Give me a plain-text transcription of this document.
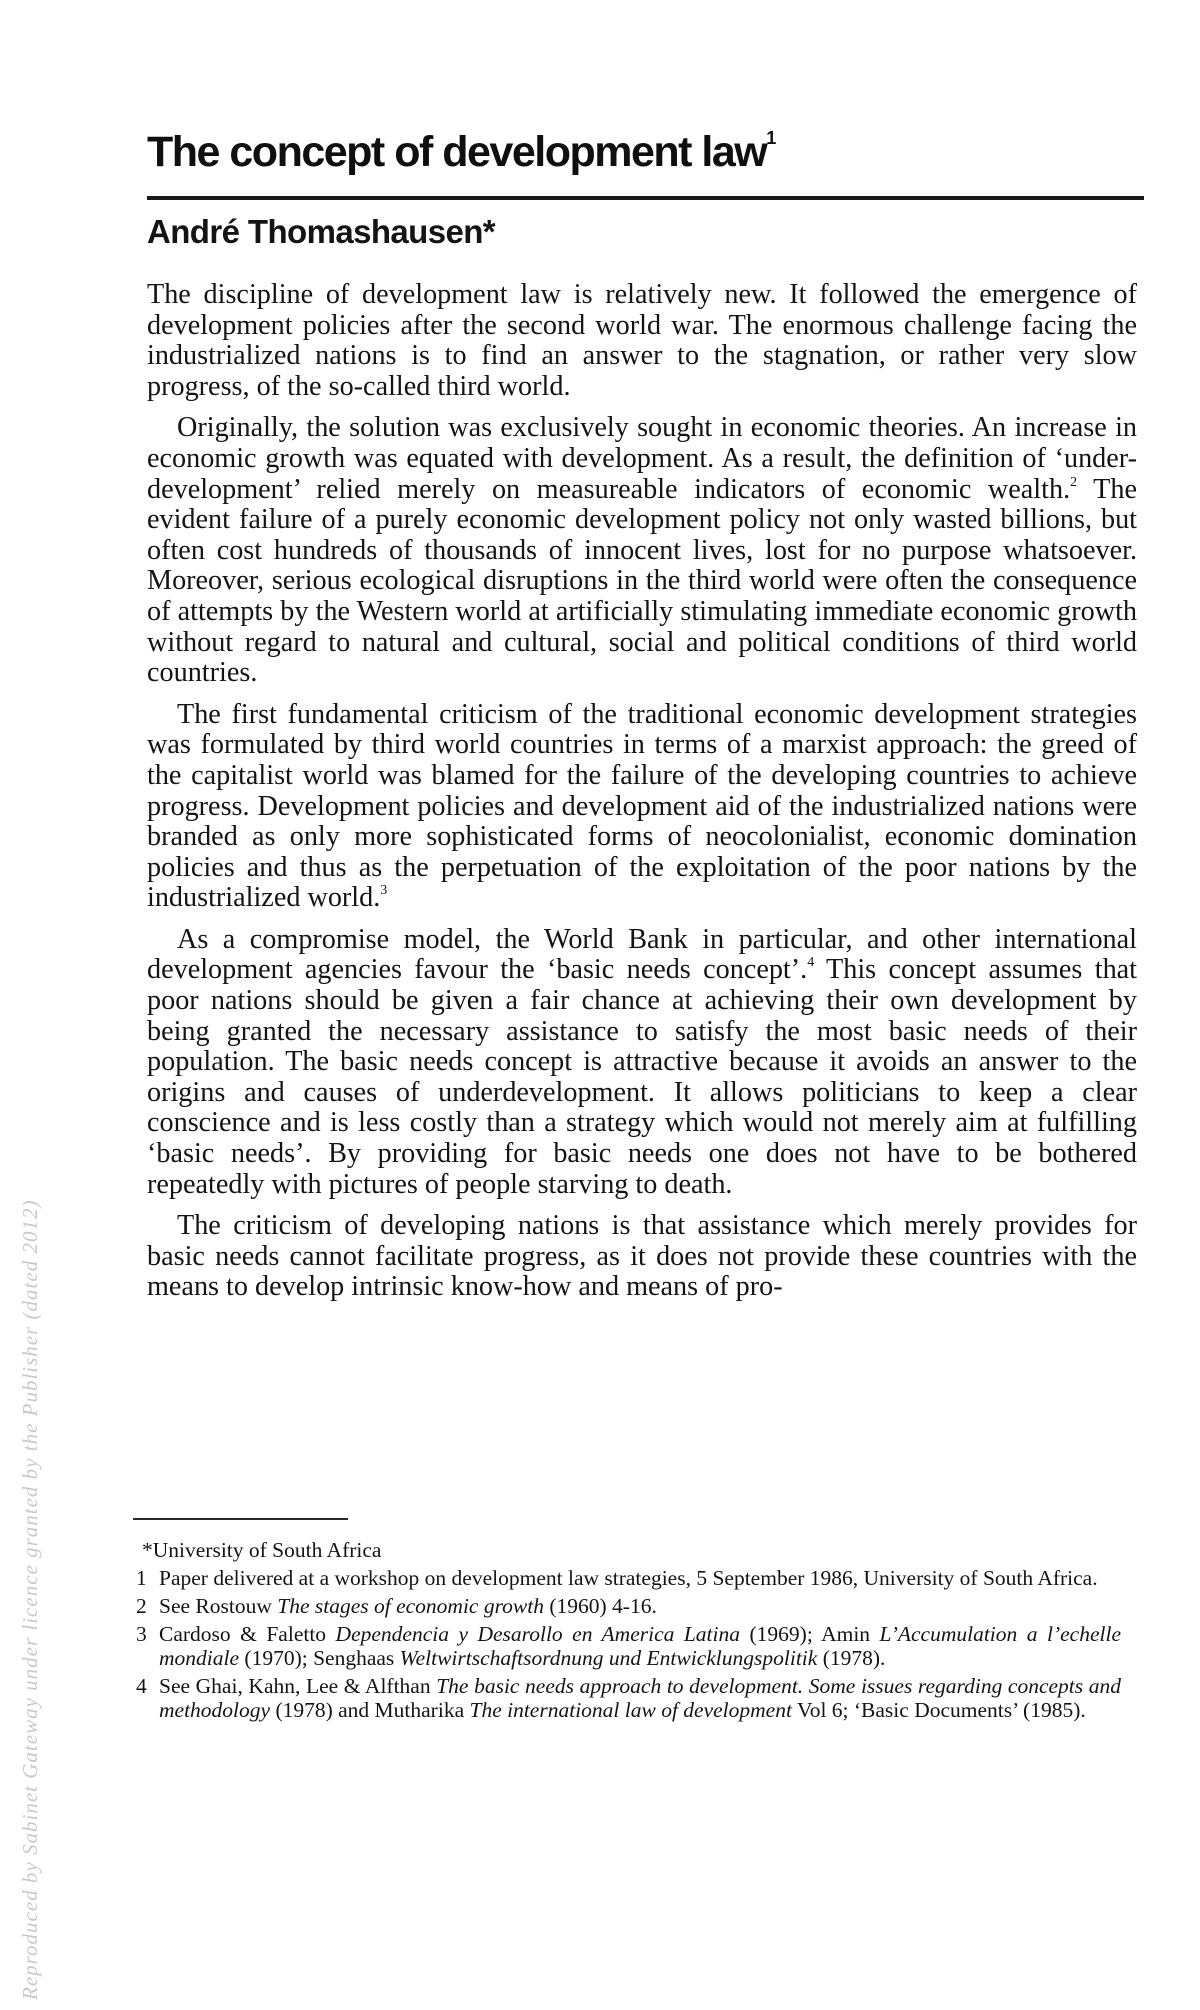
The concept of development law$^1$
André Thomashausen*

The discipline of development law is relatively new. It followed the emergence of development policies after the second world war. The enormous challenge facing the industrialized nations is to find an answer to the stagnation, or rather very slow progress, of the so-called third world.

Originally, the solution was exclusively sought in economic theories. An increase in economic growth was equated with development. As a result, the definition of ‘under-development’ relied merely on measureable indicators of economic wealth.$^2$ The evident failure of a purely economic development policy not only wasted billions, but often cost hundreds of thousands of innocent lives, lost for no purpose whatsoever. Moreover, serious ecological disruptions in the third world were often the consequence of attempts by the Western world at artificially stimulating immediate economic growth without regard to natural and cultural, social and political conditions of third world countries.

The first fundamental criticism of the traditional economic development strategies was formulated by third world countries in terms of a marxist approach: the greed of the capitalist world was blamed for the failure of the developing countries to achieve progress. Development policies and development aid of the industrialized nations were branded as only more sophisticated forms of neocolonialist, economic domination policies and thus as the perpetuation of the exploitation of the poor nations by the industrialized world.$^3$

As a compromise model, the World Bank in particular, and other international development agencies favour the ‘basic needs concept’.$^4$ This concept assumes that poor nations should be given a fair chance at achieving their own development by being granted the necessary assistance to satisfy the most basic needs of their population. The basic needs concept is attractive because it avoids an answer to the origins and causes of underdevelopment. It allows politicians to keep a clear conscience and is less costly than a strategy which would not merely aim at fulfilling ‘basic needs’. By providing for basic needs one does not have to be bothered repeatedly with pictures of people starving to death.

The criticism of developing nations is that assistance which merely provides for basic needs cannot facilitate progress, as it does not provide these countries with the means to develop intrinsic know-how and means of pro-

*University of South Africa
1 Paper delivered at a workshop on development law strategies, 5 September 1986, University of South Africa.
2 See Rostouw The stages of economic growth (1960) 4-16.
3 Cardoso & Faletto Dependencia y Desarollo en America Latina (1969); Amin L’Accumulation a l’echelle mondiale (1970); Senghaas Weltwirtschaftsordnung und Entwicklungspolitik (1978).
4 See Ghai, Kahn, Lee & Alfthan The basic needs approach to development. Some issues regarding concepts and methodology (1978) and Mutharika The international law of development Vol 6; ‘Basic Documents’ (1985).
Reproduced by Sabinet Gateway under licence granted by the Publisher (dated 2012)
